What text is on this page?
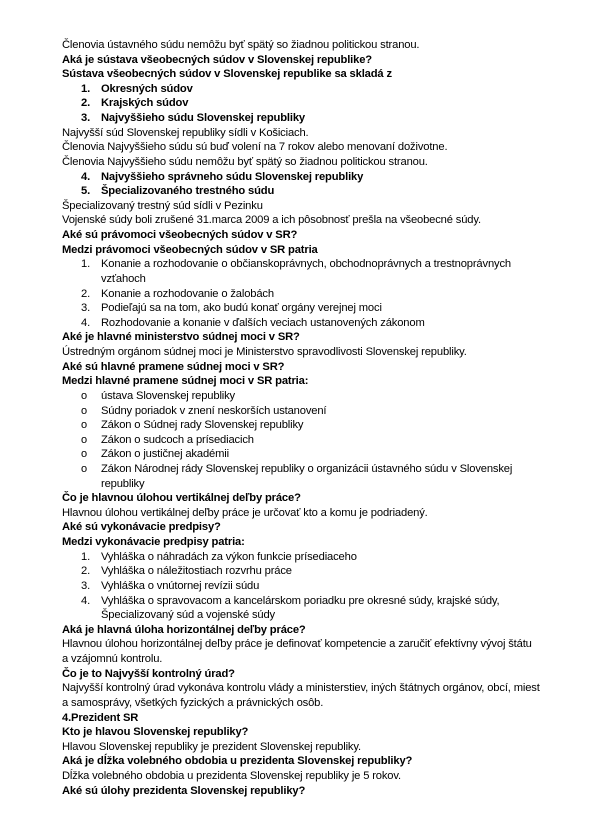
Členovia ústavného súdu nemôžu byť spätý so žiadnou politickou stranou.
Aká je sústava všeobecných súdov v Slovenskej republike?
Sústava všeobecných súdov v Slovenskej republike sa skladá z
1. Okresných súdov
2. Krajských súdov
3. Najvyššieho súdu Slovenskej republiky
Najvyšší súd Slovenskej republiky sídli v Košiciach.
Členovia Najvyššieho súdu sú buď volení na 7 rokov alebo menovaní doživotne.
Členovia Najvyššieho súdu nemôžu byť spätý so žiadnou politickou stranou.
4. Najvyššieho správneho súdu Slovenskej republiky
5. Špecializovaného trestného súdu
Špecializovaný trestný súd sídli v Pezinku
Vojenské súdy boli zrušené 31.marca 2009 a ich pôsobnosť prešla na všeobecné súdy.
Aké sú právomoci všeobecných súdov v SR?
Medzi právomoci všeobecných súdov v SR patria
1. Konanie a rozhodovanie o občianskoprávnych, obchodnoprávnych a trestnoprávnych
vzťahoch
2. Konanie a rozhodovanie o žalobách
3. Podieľajú sa na tom, ako budú konať orgány verejnej moci
4. Rozhodovanie a konanie v ďalších veciach ustanovených zákonom
Aké je hlavné ministerstvo súdnej moci v SR?
Ústredným orgánom súdnej moci je Ministerstvo spravodlivosti Slovenskej republiky.
Aké sú hlavné pramene súdnej moci v SR?
Medzi hlavné pramene súdnej moci v SR patria:
o ústava Slovenskej republiky
o Súdny poriadok v znení neskorších ustanovení
o Zákon o Súdnej rady Slovenskej republiky
o Zákon o sudcoch a prísediacich
o Zákon o justičnej akadémii
o Zákon Národnej rády Slovenskej republiky o organizácii ústavného súdu v Slovenskej
republiky
Čo je hlavnou úlohou vertikálnej deľby práce?
Hlavnou úlohou vertikálnej deľby práce je určovať kto a komu je podriadený.
Aké sú vykonávacie predpisy?
Medzi vykonávacie predpisy patria:
1. Vyhláška o náhradách za výkon funkcie prísediaceho
2. Vyhláška o náležitostiach rozvrhu práce
3. Vyhláška o vnútornej revízii súdu
4. Vyhláška o spravovacom a kancelárskom poriadku pre okresné súdy, krajské súdy,
Špecializovaný súd a vojenské súdy
Aká je hlavná úloha horizontálnej deľby práce?
Hlavnou úlohou horizontálnej deľby práce je definovať kompetencie a zaručiť efektívny vývoj štátu
a vzájomnú kontrolu.
Čo je to Najvyšší kontrolný úrad?
Najvyšší kontrolný úrad vykonáva kontrolu vlády a ministerstiev, iných štátnych orgánov, obcí, miest
a samosprávy, všetkých fyzických a právnických osôb.
4.Prezident SR
Kto je hlavou Slovenskej republiky?
Hlavou Slovenskej republiky je prezident Slovenskej republiky.
Aká je dĺžka volebného obdobia u prezidenta Slovenskej republiky?
Dĺžka volebného obdobia u prezidenta Slovenskej republiky je 5 rokov.
Aké sú úlohy prezidenta Slovenskej republiky?
